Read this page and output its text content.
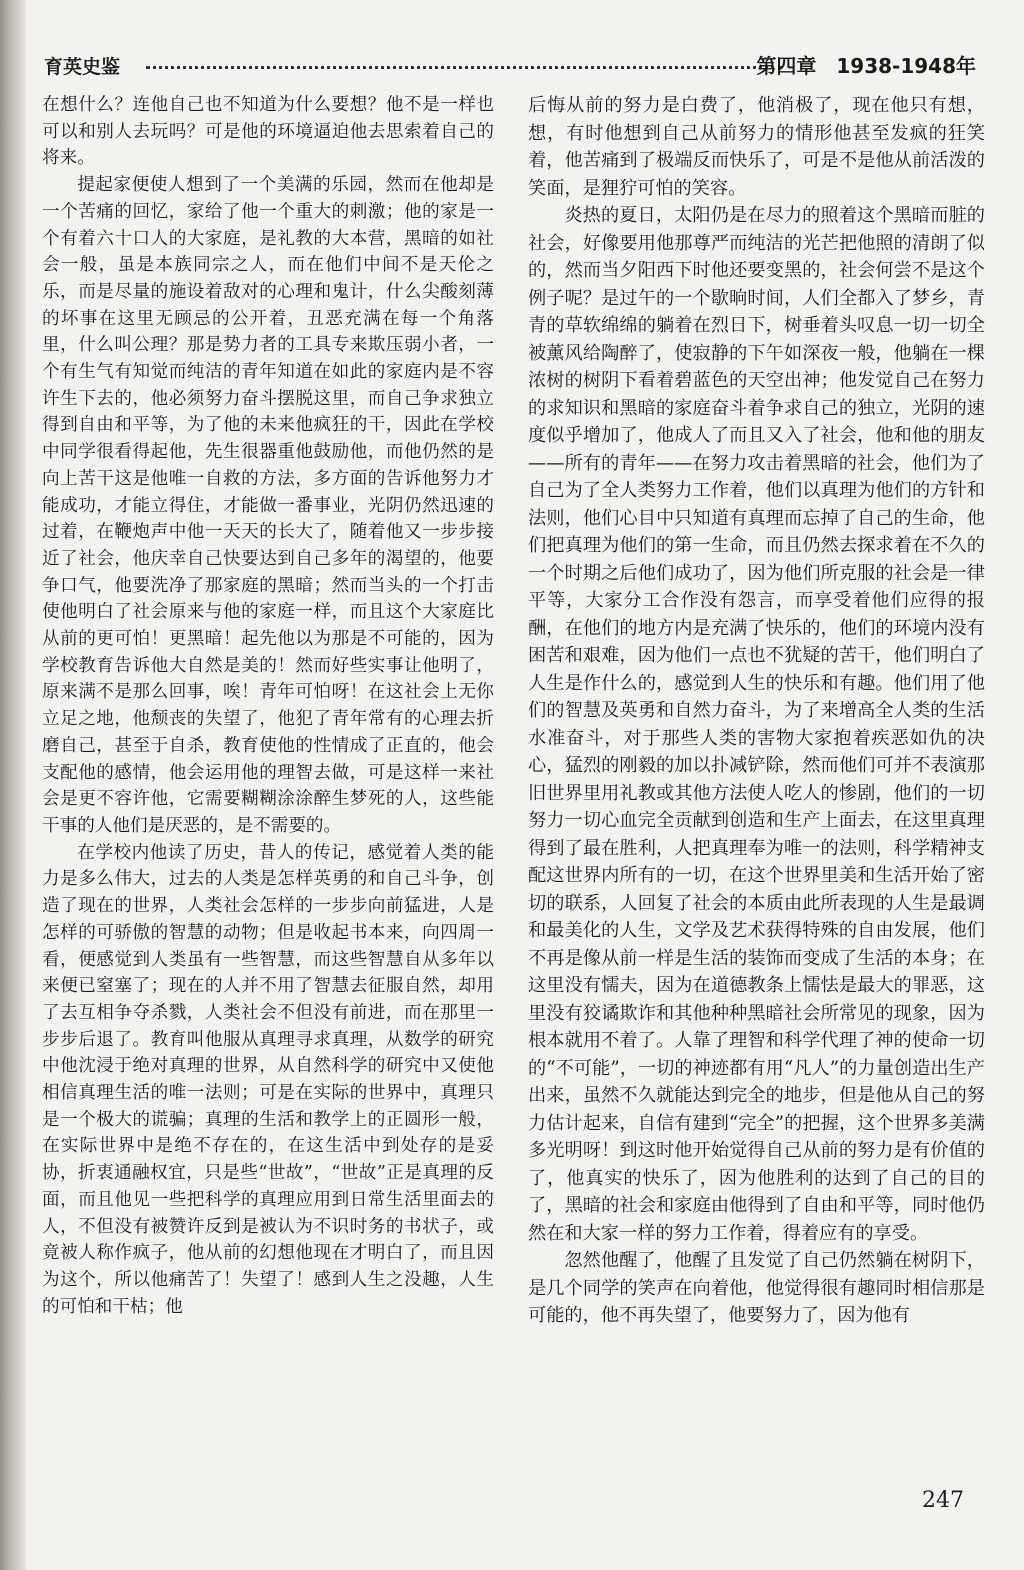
育英史鉴	第四章　1938-1948年

在想什么？连他自己也不知道为什么要想？他不是一样也可以和别人去玩吗？可是他的环境逼迫他去思索着自己的将来。

提起家便使人想到了一个美满的乐园，然而在他却是一个苦痛的回忆，家给了他一个重大的刺激；他的家是一个有着六十口人的大家庭，是礼教的大本营，黑暗的如社会一般，虽是本族同宗之人，而在他们中间不是天伦之乐，而是尽量的施设着敌对的心理和鬼计，什么尖酸刻薄的坏事在这里无顾忌的公开着，丑恶充满在每一个角落里，什么叫公理？那是势力者的工具专来欺压弱小者，一个有生气有知觉而纯洁的青年知道在如此的家庭内是不容许生下去的，他必须努力奋斗摆脱这里，而自己争求独立得到自由和平等，为了他的未来他疯狂的干，因此在学校中同学很看得起他，先生很器重他鼓励他，而他仍然的是向上苦干这是他唯一自救的方法，多方面的告诉他努力才能成功，才能立得住，才能做一番事业，光阴仍然迅速的过着，在鞭炮声中他一天天的长大了，随着他又一步步接近了社会，他庆幸自己快要达到自己多年的渴望的，他要争口气，他要洗净了那家庭的黑暗；然而当头的一个打击使他明白了社会原来与他的家庭一样，而且这个大家庭比从前的更可怕！更黑暗！起先他以为那是不可能的，因为学校教育告诉他大自然是美的！然而好些实事让他明了，原来满不是那么回事，唉！青年可怕呀！在这社会上无你立足之地，他颓丧的失望了，他犯了青年常有的心理去折磨自己，甚至于自杀，教育使他的性情成了正直的，他会支配他的感情，他会运用他的理智去做，可是这样一来社会是更不容许他，它需要糊糊涂涂醉生梦死的人，这些能干事的人他们是厌恶的，是不需要的。

在学校内他读了历史，昔人的传记，感觉着人类的能力是多么伟大，过去的人类是怎样英勇的和自己斗争，创造了现在的世界，人类社会怎样的一步步向前猛进，人是怎样的可骄傲的智慧的动物；但是收起书本来，向四周一看，便感觉到人类虽有一些智慧，而这些智慧自从多年以来便已窒塞了；现在的人并不用了智慧去征服自然，却用了去互相争夺杀戮，人类社会不但没有前进，而在那里一步步后退了。教育叫他服从真理寻求真理，从数学的研究中他沈浸于绝对真理的世界，从自然科学的研究中又使他相信真理生活的唯一法则；可是在实际的世界中，真理只是一个极大的谎骗；真理的生活和教学上的正圆形一般，在实际世界中是绝不存在的，在这生活中到处存的是妥协，折衷通融权宜，只是些“世故”，“世故”正是真理的反面，而且他见一些把科学的真理应用到日常生活里面去的人，不但没有被赞许反到是被认为不识时务的书状子，或竟被人称作疯子，他从前的幻想他现在才明白了，而且因为这个，所以他痛苦了！失望了！感到人生之没趣，人生的可怕和干枯；他

后悔从前的努力是白费了，他消极了，现在他只有想，想，有时他想到自己从前努力的情形他甚至发疯的狂笑着，他苦痛到了极端反而快乐了，可是不是他从前活泼的笑面，是狸狞可怕的笑容。

炎热的夏日，太阳仍是在尽力的照着这个黑暗而脏的社会，好像要用他那尊严而纯洁的光芒把他照的清朗了似的，然而当夕阳西下时他还要变黑的，社会何尝不是这个例子呢？是过午的一个歇晌时间，人们全都入了梦乡，青青的草软绵绵的躺着在烈日下，树垂着头叹息一切一切全被薰风给陶醉了，使寂静的下午如深夜一般，他躺在一棵浓树的树阴下看着碧蓝色的天空出神；他发觉自己在努力的求知识和黑暗的家庭奋斗着争求自己的独立，光阴的速度似乎增加了，他成人了而且又入了社会，他和他的朋友——所有的青年——在努力攻击着黑暗的社会，他们为了自己为了全人类努力工作着，他们以真理为他们的方针和法则，他们心目中只知道有真理而忘掉了自己的生命，他们把真理为他们的第一生命，而且仍然去探求着在不久的一个时期之后他们成功了，因为他们所克服的社会是一律平等，大家分工合作没有怨言，而享受着他们应得的报酬，在他们的地方内是充满了快乐的，他们的环境内没有困苦和艰难，因为他们一点也不犹疑的苦干，他们明白了人生是作什么的，感觉到人生的快乐和有趣。他们用了他们的智慧及英勇和自然力奋斗，为了来增高全人类的生活水准奋斗，对于那些人类的害物大家抱着疾恶如仇的决心，猛烈的刚毅的加以扑减铲除，然而他们可并不表演那旧世界里用礼教或其他方法使人吃人的惨剧，他们的一切努力一切心血完全贡献到创造和生产上面去，在这里真理得到了最在胜利，人把真理奉为唯一的法则，科学精神支配这世界内所有的一切，在这个世界里美和生活开始了密切的联系，人回复了社会的本质由此所表现的人生是最调和最美化的人生，文学及艺术获得特殊的自由发展，他们不再是像从前一样是生活的装饰而变成了生活的本身；在这里没有懦夫，因为在道德教条上懦怯是最大的罪恶，这里没有狡谲欺诈和其他种种黑暗社会所常见的现象，因为根本就用不着了。人靠了理智和科学代理了神的使命一切的“不可能”，一切的神迹都有用“凡人”的力量创造出生产出来，虽然不久就能达到完全的地步，但是他从自己的努力估计起来，自信有建到“完全”的把握，这个世界多美满多光明呀！到这时他开始觉得自己从前的努力是有价值的了，他真实的快乐了，因为他胜利的达到了自己的目的了，黑暗的社会和家庭由他得到了自由和平等，同时他仍然在和大家一样的努力工作着，得着应有的享受。

忽然他醒了，他醒了且发觉了自己仍然躺在树阴下，是几个同学的笑声在向着他，他觉得很有趣同时相信那是可能的，他不再失望了，他要努力了，因为他有

247
